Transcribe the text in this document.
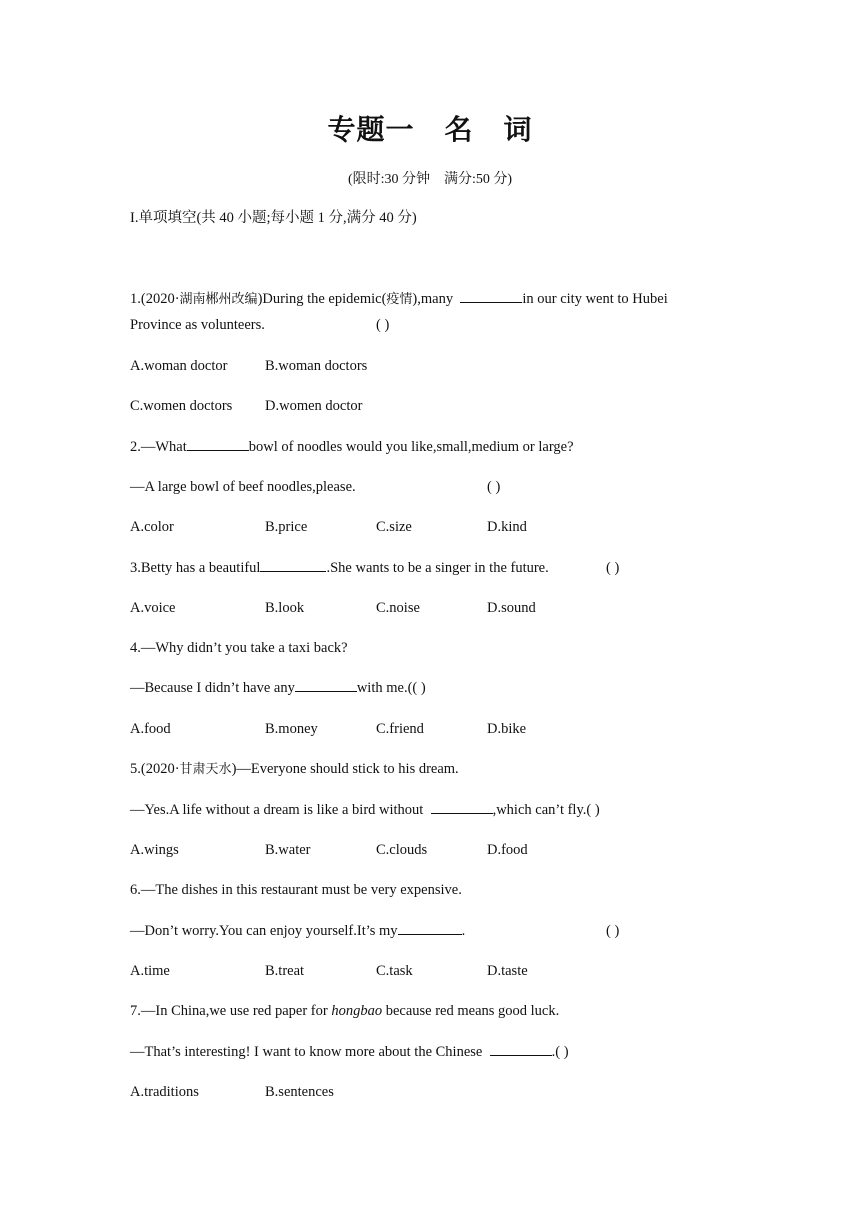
专题一 名 词
(限时:30 分钟　满分:50 分)
I.单项填空(共 40 小题;每小题 1 分,满分 40 分)
1.(2020·湖南郴州改编)During the epidemic(疫情),many	in our city went to Hubei
Province as volunteers.	( )
A.woman doctor	B.woman doctors
C.women doctors D.women doctor
2.—What	bowl of noodles would you like,small,medium or large?
—A large bowl of beef noodles,please.	( )
A.color	B.price	C.size	D.kind
3.Betty has a beautiful	.She wants to be a singer in the future.	( )
A.voice	B.look	C.noise	D.sound
4.—Why didn’t you take a taxi back?
—Because I didn’t have any	with me.(( )
A.food	B.money	C.friend	D.bike
5.(2020·甘肃天水)—Everyone should stick to his dream.
—Yes.A life without a dream is like a bird without	,which can’t fly.( )
A.wings	B.water	C.clouds	D.food
6.—The dishes in this restaurant must be very expensive.
—Don’t worry.You can enjoy yourself.It’s my	.	( )
A.time	B.treat	C.task	D.taste
7.—In China,we use red paper for hongbao because red means good luck.
—That’s interesting! I want to know more about the Chinese	.( )
A.traditions	B.sentences
